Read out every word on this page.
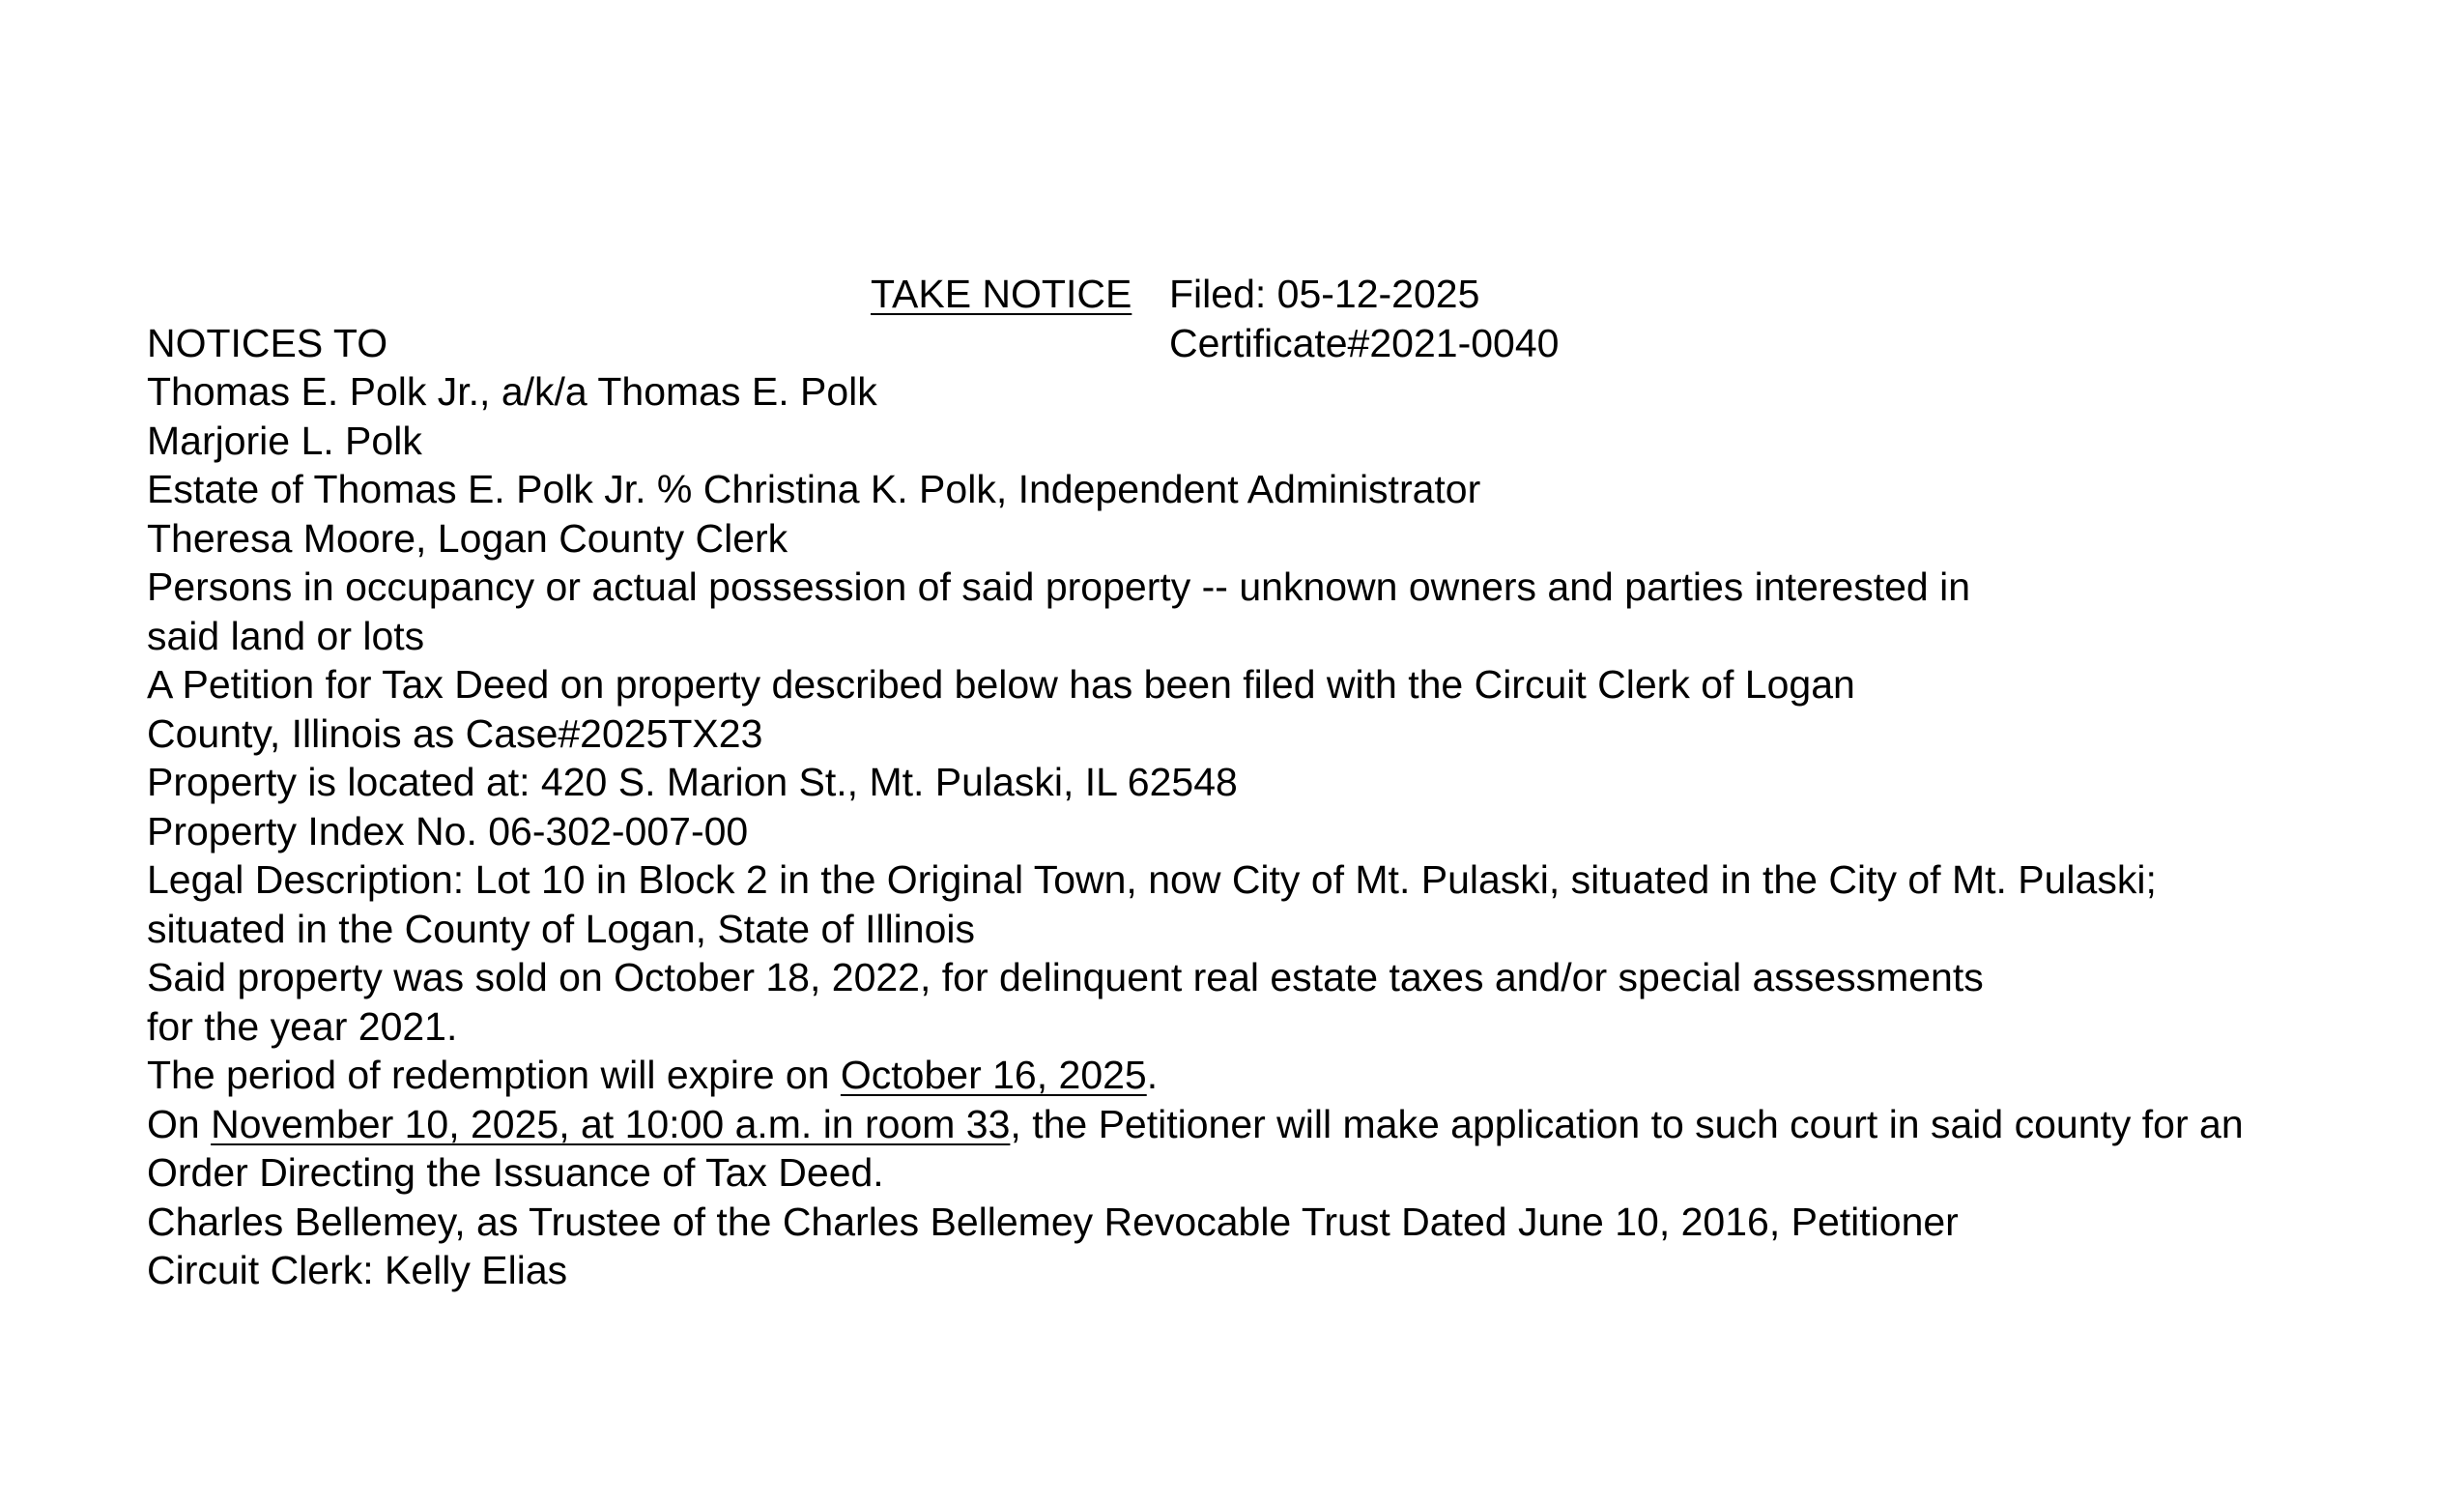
TAKE NOTICE Filed: 05-12-2025
NOTICES TO	Certificate#2021-0040
Thomas E. Polk Jr., a/k/a Thomas E. Polk
Marjorie L. Polk
Estate of Thomas E. Polk Jr. % Christina K. Polk, Independent Administrator
Theresa Moore, Logan County Clerk
Persons in occupancy or actual possession of said property -- unknown owners and parties interested in
said land or lots
A Petition for Tax Deed on property described below has been filed with the Circuit Clerk of Logan
County, Illinois as Case#2025TX23
Property is located at: 420 S. Marion St., Mt. Pulaski, IL 62548
Property Index No. 06-302-007-00
Legal Description: Lot 10 in Block 2 in the Original Town, now City of Mt. Pulaski, situated in the City of Mt. Pulaski;
situated in the County of Logan, State of Illinois
Said property was sold on October 18, 2022, for delinquent real estate taxes and/or special assessments
for the year 2021.
The period of redemption will expire on October 16, 2025.
On November 10, 2025, at 10:00 a.m. in room 33, the Petitioner will make application to such court in said county for an
Order Directing the Issuance of Tax Deed.
Charles Bellemey, as Trustee of the Charles Bellemey Revocable Trust Dated June 10, 2016, Petitioner
Circuit Clerk: Kelly Elias
